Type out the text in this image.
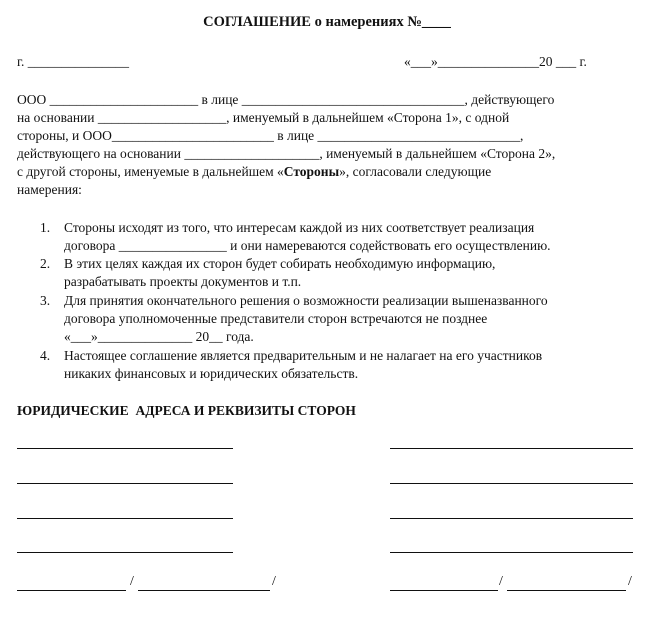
СОГЛАШЕНИЕ о намерениях №____
г. _______________	«___»_______________20 ___ г.
ООО ______________________ в лице _________________________________, действующего
на основании ___________________, именуемый в дальнейшем «Сторона 1», с одной
стороны, и ООО________________________ в лице ______________________________,
действующего на основании ____________________, именуемый в дальнейшем «Сторона 2»,
с другой стороны, именуемые в дальнейшем «Стороны», согласовали следующие
намерения:
1. Стороны исходят из того, что интересам каждой из них соответствует реализация
договора ________________ и они намереваются содействовать его осуществлению.
2. В этих целях каждая их сторон будет собирать необходимую информацию,
разрабатывать проекты документов и т.п.
3. Для принятия окончательного решения о возможности реализации вышеназванного
договора уполномоченные представители сторон встречаются не позднее
«___»______________ 20__ года.
4. Настоящее соглашение является предварительным и не налагает на его участников
никаких финансовых и юридических обязательств.
ЮРИДИЧЕСКИЕ  АДРЕСА И РЕКВИЗИТЫ СТОРОН
/	/	/	/
